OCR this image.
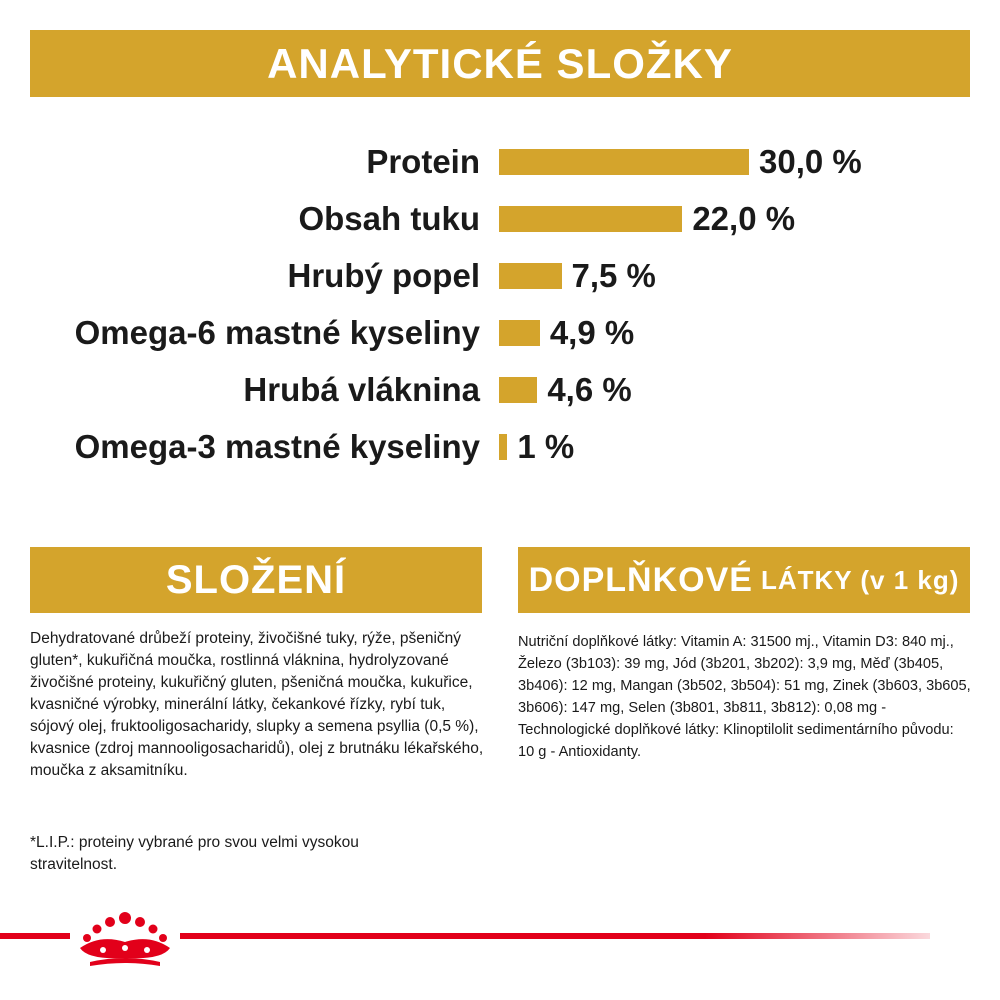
ANALYTICKÉ SLOŽKY
Protein	30,0 %
Obsah tuku	22,0 %
Hrubý popel	7,5 %
Omega-6 mastné kyseliny 4,9 %
Hrubá vláknina 4,6 %
Omega-3 mastné kyseliny 1 %
SLOŽENÍ
Dehydratované drůbeží proteiny, živočišné tuky, rýže, pšeničný gluten*, kukuřičná moučka, rostlinná vláknina, hydrolyzované živočišné proteiny, kukuřičný gluten, pšeničná moučka, kukuřice, kvasničné výrobky, minerální látky, čekankové řízky, rybí tuk, sójový olej, fruktooligosacharidy, slupky a semena psyllia (0,5 %), kvasnice (zdroj mannooligosacharidů), olej z brutnáku lékařského, moučka z aksamitníku.
*L.I.P.: proteiny vybrané pro svou velmi vysokou stravitelnost.
DOPLŇKOVÉ LÁTKY (v 1 kg)
Nutriční doplňkové látky: Vitamin A: 31500 mj., Vitamin D3: 840 mj., Železo (3b103): 39 mg, Jód (3b201, 3b202): 3,9 mg, Měď (3b405, 3b406): 12 mg, Mangan (3b502, 3b504): 51 mg, Zinek (3b603, 3b605, 3b606): 147 mg, Selen (3b801, 3b811, 3b812): 0,08 mg - Technologické doplňkové látky: Klinoptilolit sedimentárního původu: 10 g - Antioxidanty.
